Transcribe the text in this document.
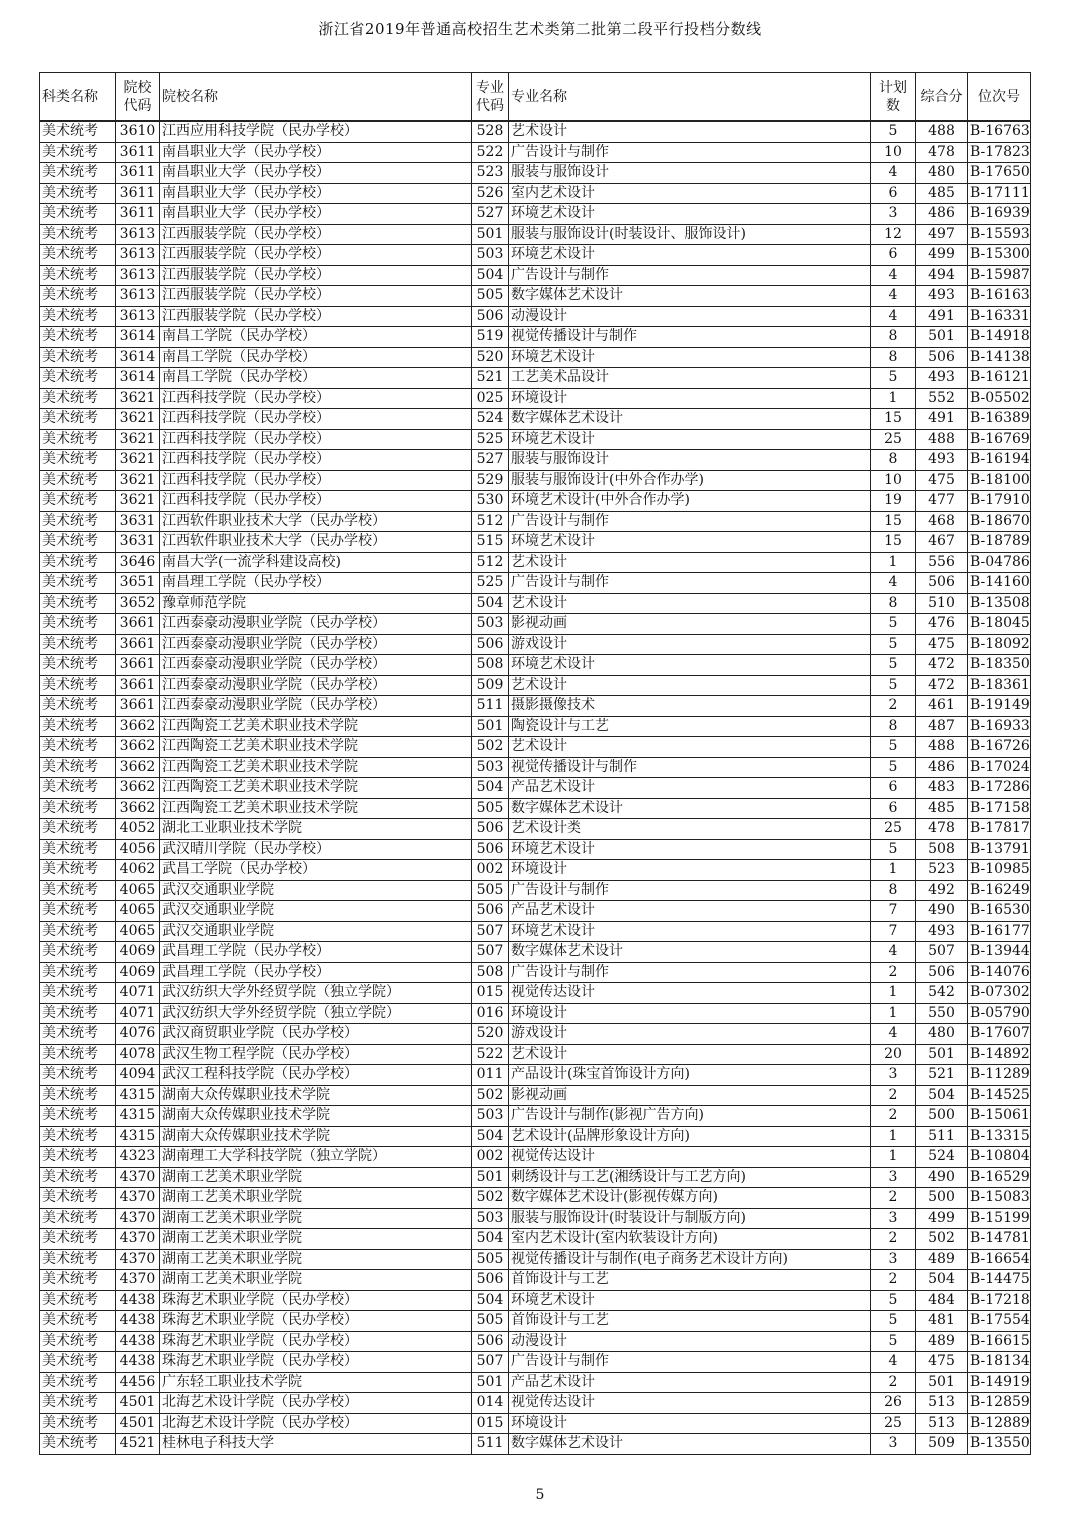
浙江省2019年普通高校招生艺术类第二批第二段平行投档分数线
科类名称	院校代码	院校名称	专业代码	专业名称	计划数	综合分	位次号
美术统考	3610	江西应用科技学院（民办学校）	528	艺术设计	5	488	B-16763
美术统考	3611	南昌职业大学（民办学校）	522	广告设计与制作	10	478	B-17823
美术统考	3611	南昌职业大学（民办学校）	523	服装与服饰设计	4	480	B-17650
美术统考	3611	南昌职业大学（民办学校）	526	室内艺术设计	6	485	B-17111
美术统考	3611	南昌职业大学（民办学校）	527	环境艺术设计	3	486	B-16939
美术统考	3613	江西服装学院（民办学校）	501	服装与服饰设计(时装设计、服饰设计)	12	497	B-15593
美术统考	3613	江西服装学院（民办学校）	503	环境艺术设计	6	499	B-15300
美术统考	3613	江西服装学院（民办学校）	504	广告设计与制作	4	494	B-15987
美术统考	3613	江西服装学院（民办学校）	505	数字媒体艺术设计	4	493	B-16163
美术统考	3613	江西服装学院（民办学校）	506	动漫设计	4	491	B-16331
美术统考	3614	南昌工学院（民办学校）	519	视觉传播设计与制作	8	501	B-14918
美术统考	3614	南昌工学院（民办学校）	520	环境艺术设计	8	506	B-14138
美术统考	3614	南昌工学院（民办学校）	521	工艺美术品设计	5	493	B-16121
美术统考	3621	江西科技学院（民办学校）	025	环境设计	1	552	B-05502
美术统考	3621	江西科技学院（民办学校）	524	数字媒体艺术设计	15	491	B-16389
美术统考	3621	江西科技学院（民办学校）	525	环境艺术设计	25	488	B-16769
美术统考	3621	江西科技学院（民办学校）	527	服装与服饰设计	8	493	B-16194
美术统考	3621	江西科技学院（民办学校）	529	服装与服饰设计(中外合作办学)	10	475	B-18100
美术统考	3621	江西科技学院（民办学校）	530	环境艺术设计(中外合作办学)	19	477	B-17910
美术统考	3631	江西软件职业技术大学（民办学校）	512	广告设计与制作	15	468	B-18670
美术统考	3631	江西软件职业技术大学（民办学校）	515	环境艺术设计	15	467	B-18789
美术统考	3646	南昌大学(一流学科建设高校)	512	艺术设计	1	556	B-04786
美术统考	3651	南昌理工学院（民办学校）	525	广告设计与制作	4	506	B-14160
美术统考	3652	豫章师范学院	504	艺术设计	8	510	B-13508
美术统考	3661	江西泰豪动漫职业学院（民办学校）	503	影视动画	5	476	B-18045
美术统考	3661	江西泰豪动漫职业学院（民办学校）	506	游戏设计	5	475	B-18092
美术统考	3661	江西泰豪动漫职业学院（民办学校）	508	环境艺术设计	5	472	B-18350
美术统考	3661	江西泰豪动漫职业学院（民办学校）	509	艺术设计	5	472	B-18361
美术统考	3661	江西泰豪动漫职业学院（民办学校）	511	摄影摄像技术	2	461	B-19149
美术统考	3662	江西陶瓷工艺美术职业技术学院	501	陶瓷设计与工艺	8	487	B-16933
美术统考	3662	江西陶瓷工艺美术职业技术学院	502	艺术设计	5	488	B-16726
美术统考	3662	江西陶瓷工艺美术职业技术学院	503	视觉传播设计与制作	5	486	B-17024
美术统考	3662	江西陶瓷工艺美术职业技术学院	504	产品艺术设计	6	483	B-17286
美术统考	3662	江西陶瓷工艺美术职业技术学院	505	数字媒体艺术设计	6	485	B-17158
美术统考	4052	湖北工业职业技术学院	506	艺术设计类	25	478	B-17817
美术统考	4056	武汉晴川学院（民办学校）	506	环境艺术设计	5	508	B-13791
美术统考	4062	武昌工学院（民办学校）	002	环境设计	1	523	B-10985
美术统考	4065	武汉交通职业学院	505	广告设计与制作	8	492	B-16249
美术统考	4065	武汉交通职业学院	506	产品艺术设计	7	490	B-16530
美术统考	4065	武汉交通职业学院	507	环境艺术设计	7	493	B-16177
美术统考	4069	武昌理工学院（民办学校）	507	数字媒体艺术设计	4	507	B-13944
美术统考	4069	武昌理工学院（民办学校）	508	广告设计与制作	2	506	B-14076
美术统考	4071	武汉纺织大学外经贸学院（独立学院）	015	视觉传达设计	1	542	B-07302
美术统考	4071	武汉纺织大学外经贸学院（独立学院）	016	环境设计	1	550	B-05790
美术统考	4076	武汉商贸职业学院（民办学校）	520	游戏设计	4	480	B-17607
美术统考	4078	武汉生物工程学院（民办学校）	522	艺术设计	20	501	B-14892
美术统考	4094	武汉工程科技学院（民办学校）	011	产品设计(珠宝首饰设计方向)	3	521	B-11289
美术统考	4315	湖南大众传媒职业技术学院	502	影视动画	2	504	B-14525
美术统考	4315	湖南大众传媒职业技术学院	503	广告设计与制作(影视广告方向)	2	500	B-15061
美术统考	4315	湖南大众传媒职业技术学院	504	艺术设计(品牌形象设计方向)	1	511	B-13315
美术统考	4323	湖南理工大学科技学院（独立学院）	002	视觉传达设计	1	524	B-10804
美术统考	4370	湖南工艺美术职业学院	501	刺绣设计与工艺(湘绣设计与工艺方向)	3	490	B-16529
美术统考	4370	湖南工艺美术职业学院	502	数字媒体艺术设计(影视传媒方向)	2	500	B-15083
美术统考	4370	湖南工艺美术职业学院	503	服装与服饰设计(时装设计与制版方向)	3	499	B-15199
美术统考	4370	湖南工艺美术职业学院	504	室内艺术设计(室内软装设计方向)	2	502	B-14781
美术统考	4370	湖南工艺美术职业学院	505	视觉传播设计与制作(电子商务艺术设计方向)	3	489	B-16654
美术统考	4370	湖南工艺美术职业学院	506	首饰设计与工艺	2	504	B-14475
美术统考	4438	珠海艺术职业学院（民办学校）	504	环境艺术设计	5	484	B-17218
美术统考	4438	珠海艺术职业学院（民办学校）	505	首饰设计与工艺	5	481	B-17554
美术统考	4438	珠海艺术职业学院（民办学校）	506	动漫设计	5	489	B-16615
美术统考	4438	珠海艺术职业学院（民办学校）	507	广告设计与制作	4	475	B-18134
美术统考	4456	广东轻工职业技术学院	501	产品艺术设计	2	501	B-14919
美术统考	4501	北海艺术设计学院（民办学校）	014	视觉传达设计	26	513	B-12859
美术统考	4501	北海艺术设计学院（民办学校）	015	环境设计	25	513	B-12889
美术统考	4521	桂林电子科技大学	511	数字媒体艺术设计	3	509	B-13550
5
